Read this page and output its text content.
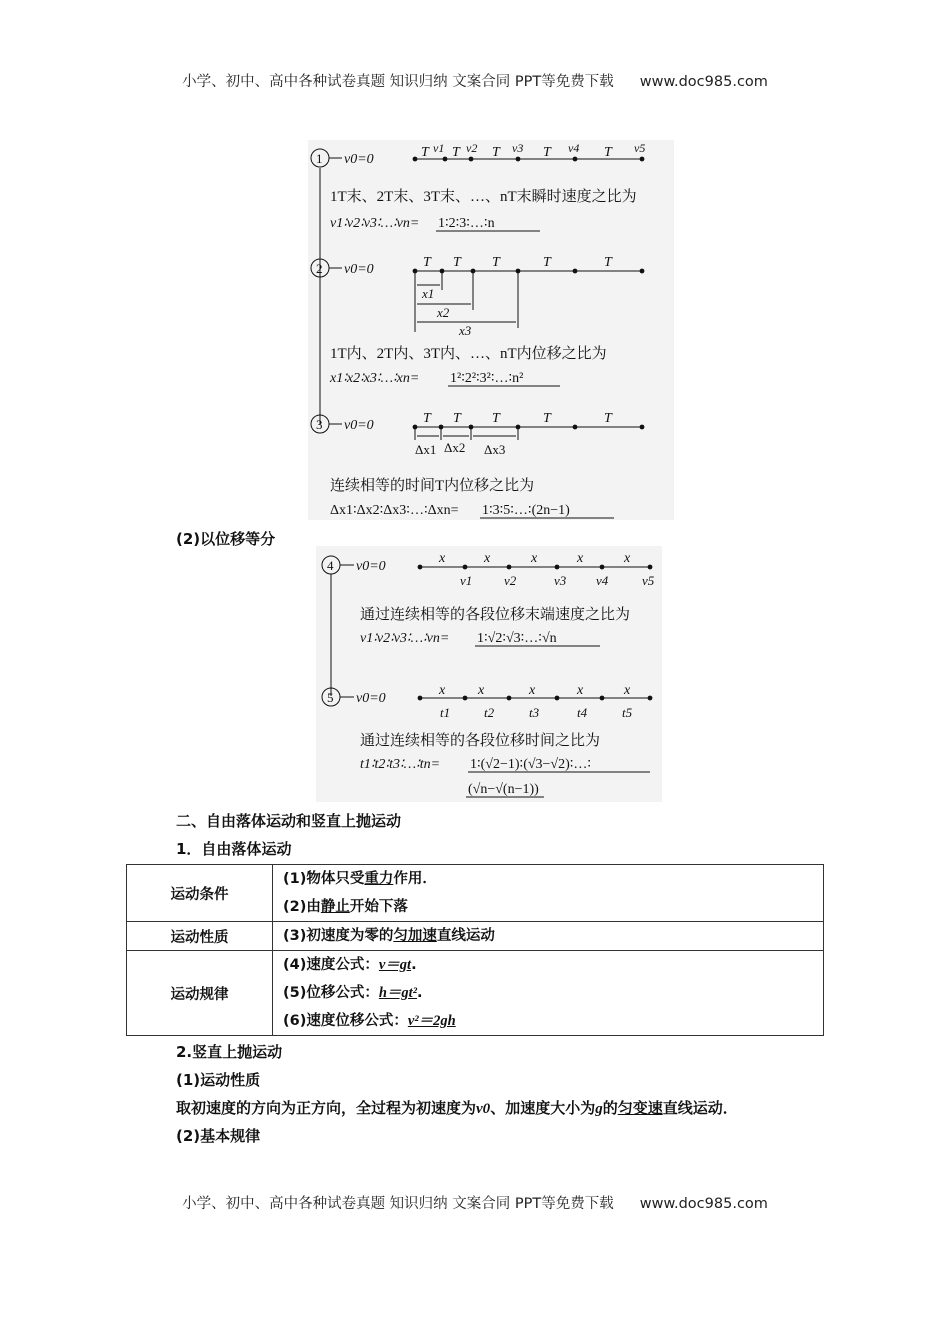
小学、初中、高中各种试卷真题 知识归纳 文案合同 PPT等免费下载 www.doc985.com
1 v0=0	T T T	T	T
v1 v2	v3	v4	v5
1T末、2T末、3T末、…、nT末瞬时速度之比为
v1∶v2∶v3∶…∶vn= 1∶2∶3∶…∶n
2 v0=0	T T T	T	T
x1
x2
x3
1T内、2T内、3T内、…、nT内位移之比为
x1∶x2∶x3∶…∶xn= 1²∶2²∶3²∶…∶n²
3 v0=0	T T T	T	T
Δx1 Δx2 Δx3
连续相等的时间T内位移之比为
Δx1∶Δx2∶Δx3∶…∶Δxn= 1∶3∶5∶…∶(2n−1)
(2)以位移等分
4 v0=0
x	x	x	x	x
v1 v2	v3 v4	v5
通过连续相等的各段位移末端速度之比为
v1∶v2∶v3∶…∶vn= 1∶√2∶√3∶…∶√n
5 v0=0
x x	x	x	x
t1	t2	t3	t4	t5
通过连续相等的各段位移时间之比为
t1∶t2∶t3∶…∶tn= 1∶(√2−1)∶(√3−√2)∶…∶
(√n−√(n−1))
二、自由落体运动和竖直上抛运动
1．自由落体运动
运动条件	(1)物体只受重力作用．
(2)由静止开始下落

运动性质	(3)初速度为零的匀加速直线运动

运动规律	(4)速度公式：v＝gt.
(5)位移公式：h＝gt².
(6)速度位移公式：v²＝2gh
2.竖直上抛运动
(1)运动性质
取初速度的方向为正方向，全过程为初速度为v0、加速度大小为g的匀变速直线运动．
(2)基本规律
小学、初中、高中各种试卷真题 知识归纳 文案合同 PPT等免费下载 www.doc985.com
